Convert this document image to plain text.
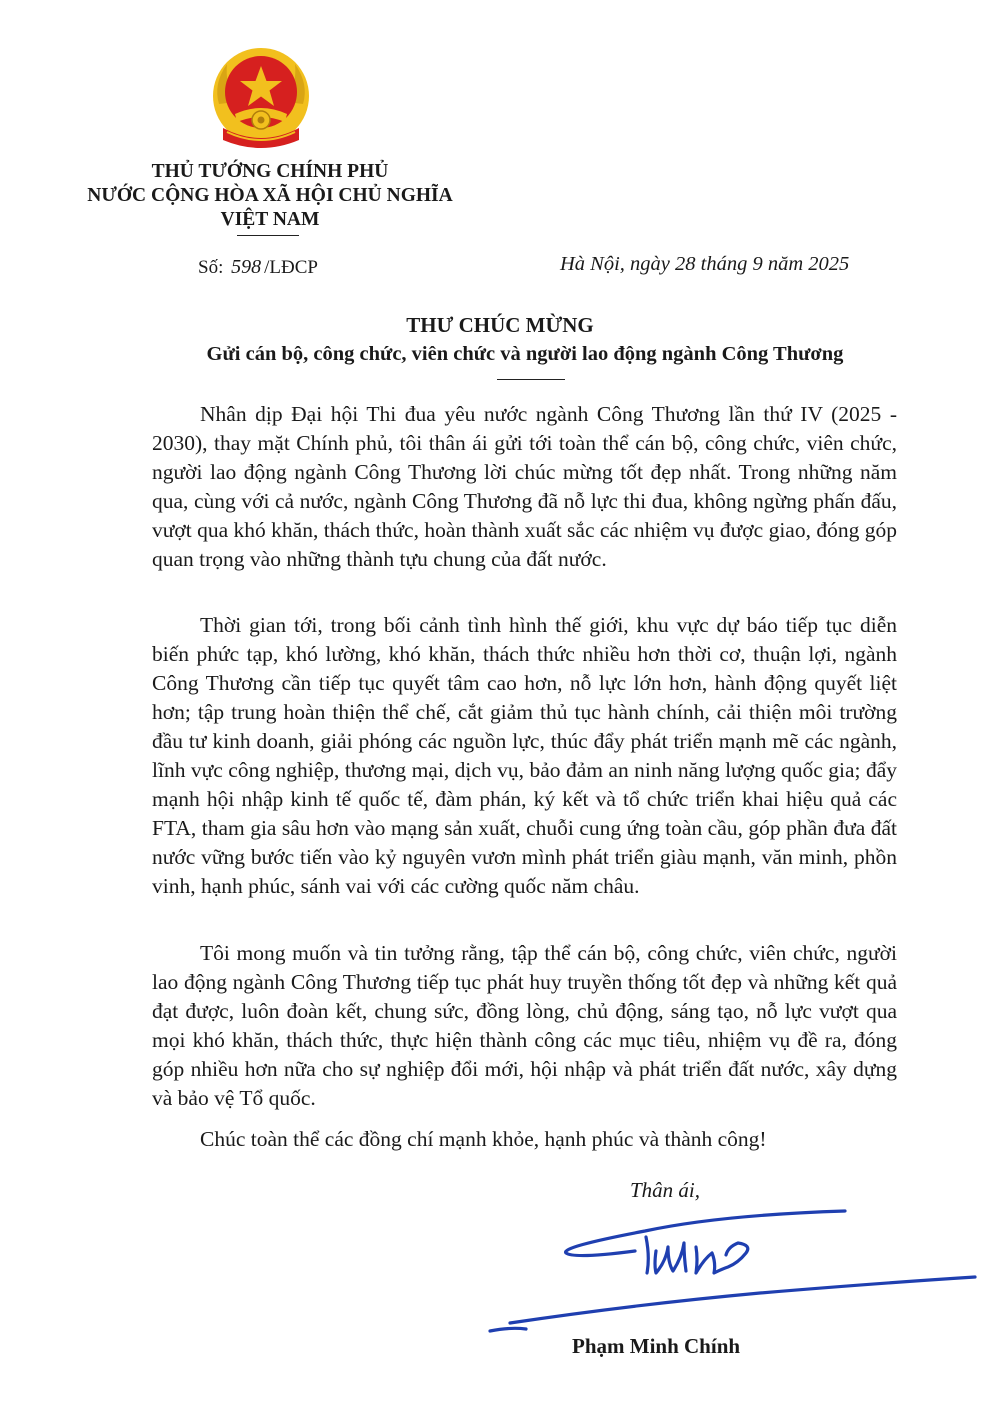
THỦ TƯỚNG CHÍNH PHỦ
NƯỚC CỘNG HÒA XÃ HỘI CHỦ NGHĨA
VIỆT NAM
Số: 598 /LĐCP	Hà Nội, ngày 28 tháng 9 năm 2025
THƯ CHÚC MỪNG
Gửi cán bộ, công chức, viên chức và người lao động ngành Công Thương

Nhân dịp Đại hội Thi đua yêu nước ngành Công Thương lần thứ IV (2025 - 2030), thay mặt Chính phủ, tôi thân ái gửi tới toàn thể cán bộ, công chức, viên chức, người lao động ngành Công Thương lời chúc mừng tốt đẹp nhất. Trong những năm qua, cùng với cả nước, ngành Công Thương đã nỗ lực thi đua, không ngừng phấn đấu, vượt qua khó khăn, thách thức, hoàn thành xuất sắc các nhiệm vụ được giao, đóng góp quan trọng vào những thành tựu chung của đất nước.

Thời gian tới, trong bối cảnh tình hình thế giới, khu vực dự báo tiếp tục diễn biến phức tạp, khó lường, khó khăn, thách thức nhiều hơn thời cơ, thuận lợi, ngành Công Thương cần tiếp tục quyết tâm cao hơn, nỗ lực lớn hơn, hành động quyết liệt hơn; tập trung hoàn thiện thể chế, cắt giảm thủ tục hành chính, cải thiện môi trường đầu tư kinh doanh, giải phóng các nguồn lực, thúc đẩy phát triển mạnh mẽ các ngành, lĩnh vực công nghiệp, thương mại, dịch vụ, bảo đảm an ninh năng lượng quốc gia; đẩy mạnh hội nhập kinh tế quốc tế, đàm phán, ký kết và tổ chức triển khai hiệu quả các FTA, tham gia sâu hơn vào mạng sản xuất, chuỗi cung ứng toàn cầu, góp phần đưa đất nước vững bước tiến vào kỷ nguyên vươn mình phát triển giàu mạnh, văn minh, phồn vinh, hạnh phúc, sánh vai với các cường quốc năm châu.

Tôi mong muốn và tin tưởng rằng, tập thể cán bộ, công chức, viên chức, người lao động ngành Công Thương tiếp tục phát huy truyền thống tốt đẹp và những kết quả đạt được, luôn đoàn kết, chung sức, đồng lòng, chủ động, sáng tạo, nỗ lực vượt qua mọi khó khăn, thách thức, thực hiện thành công các mục tiêu, nhiệm vụ đề ra, đóng góp nhiều hơn nữa cho sự nghiệp đổi mới, hội nhập và phát triển đất nước, xây dựng và bảo vệ Tổ quốc.

Chúc toàn thể các đồng chí mạnh khỏe, hạnh phúc và thành công!

Thân ái,
Phạm Minh Chính
